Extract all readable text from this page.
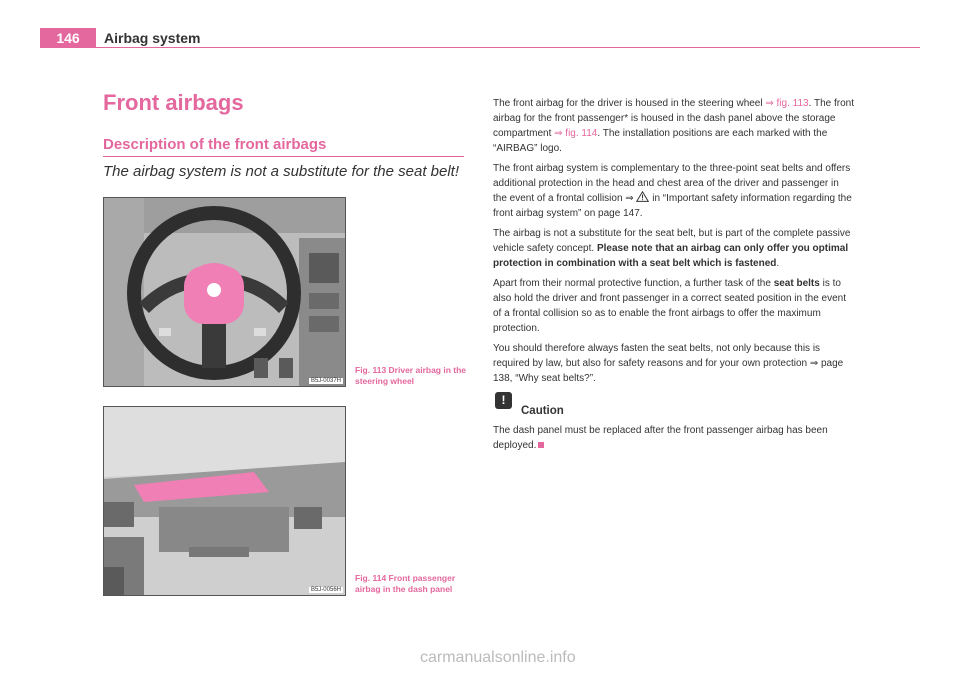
146	Airbag system
Front airbags
Description of the front airbags
The airbag system is not a substitute for the seat belt!
B5J-0037H
Fig. 113 Driver airbag in the steering wheel
B5J-0056H
Fig. 114 Front passenger airbag in the dash panel

The front airbag for the driver is housed in the steering wheel ⇒ fig. 113. The front airbag for the front passenger* is housed in the dash panel above the storage compartment ⇒ fig. 114. The installation positions are each marked with the “AIRBAG” logo.

The front airbag system is complementary to the three-point seat belts and offers additional protection in the head and chest area of the driver and passenger in the event of a frontal collision ⇒  in “Important safety information regarding the front airbag system” on page 147.

The airbag is not a substitute for the seat belt, but is part of the complete passive vehicle safety concept. Please note that an airbag can only offer you optimal protection in combination with a seat belt which is fastened.

Apart from their normal protective function, a further task of the seat belts is to also hold the driver and front passenger in a correct seated position in the event of a frontal collision so as to enable the front airbags to offer the maximum protection.

You should therefore always fasten the seat belts, not only because this is required by law, but also for safety reasons and for your own protection ⇒ page 138, “Why seat belts?”.

!
Caution

The dash panel must be replaced after the front passenger airbag has been deployed.

carmanualsonline.info
